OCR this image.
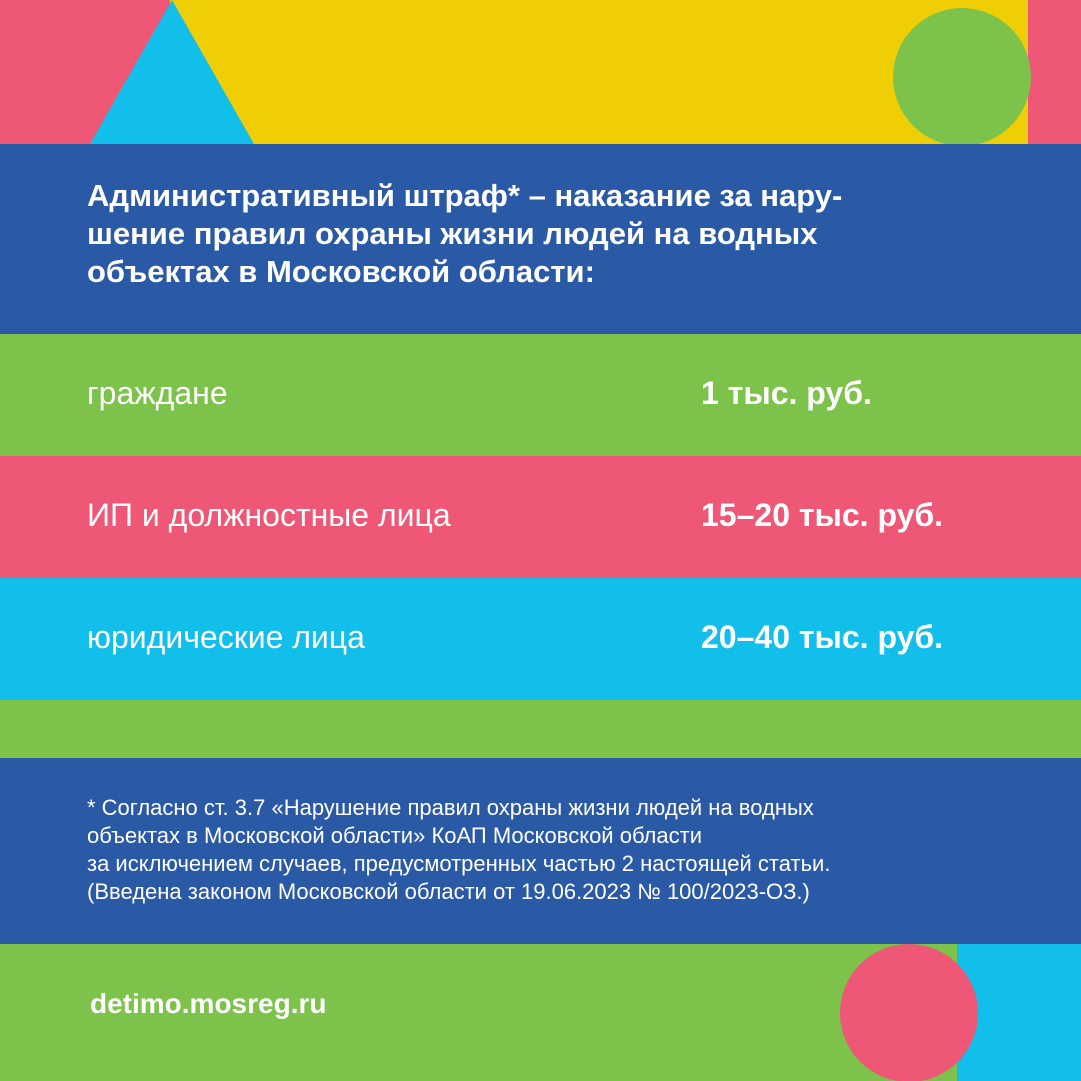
Административный штраф* – наказание за нару-
шение правил охраны жизни людей на водных
объектах в Московской области:
граждане	1 тыс. руб.
ИП и должностные лица	15–20 тыс. руб.
юридические лица	20–40 тыс. руб.
* Согласно ст. 3.7 «Нарушение правил охраны жизни людей на водных
объектах в Московской области» КоАП Московской области
за исключением случаев, предусмотренных частью 2 настоящей статьи.
(Введена законом Московской области от 19.06.2023 № 100/2023-ОЗ.)
detimo.mosreg.ru
